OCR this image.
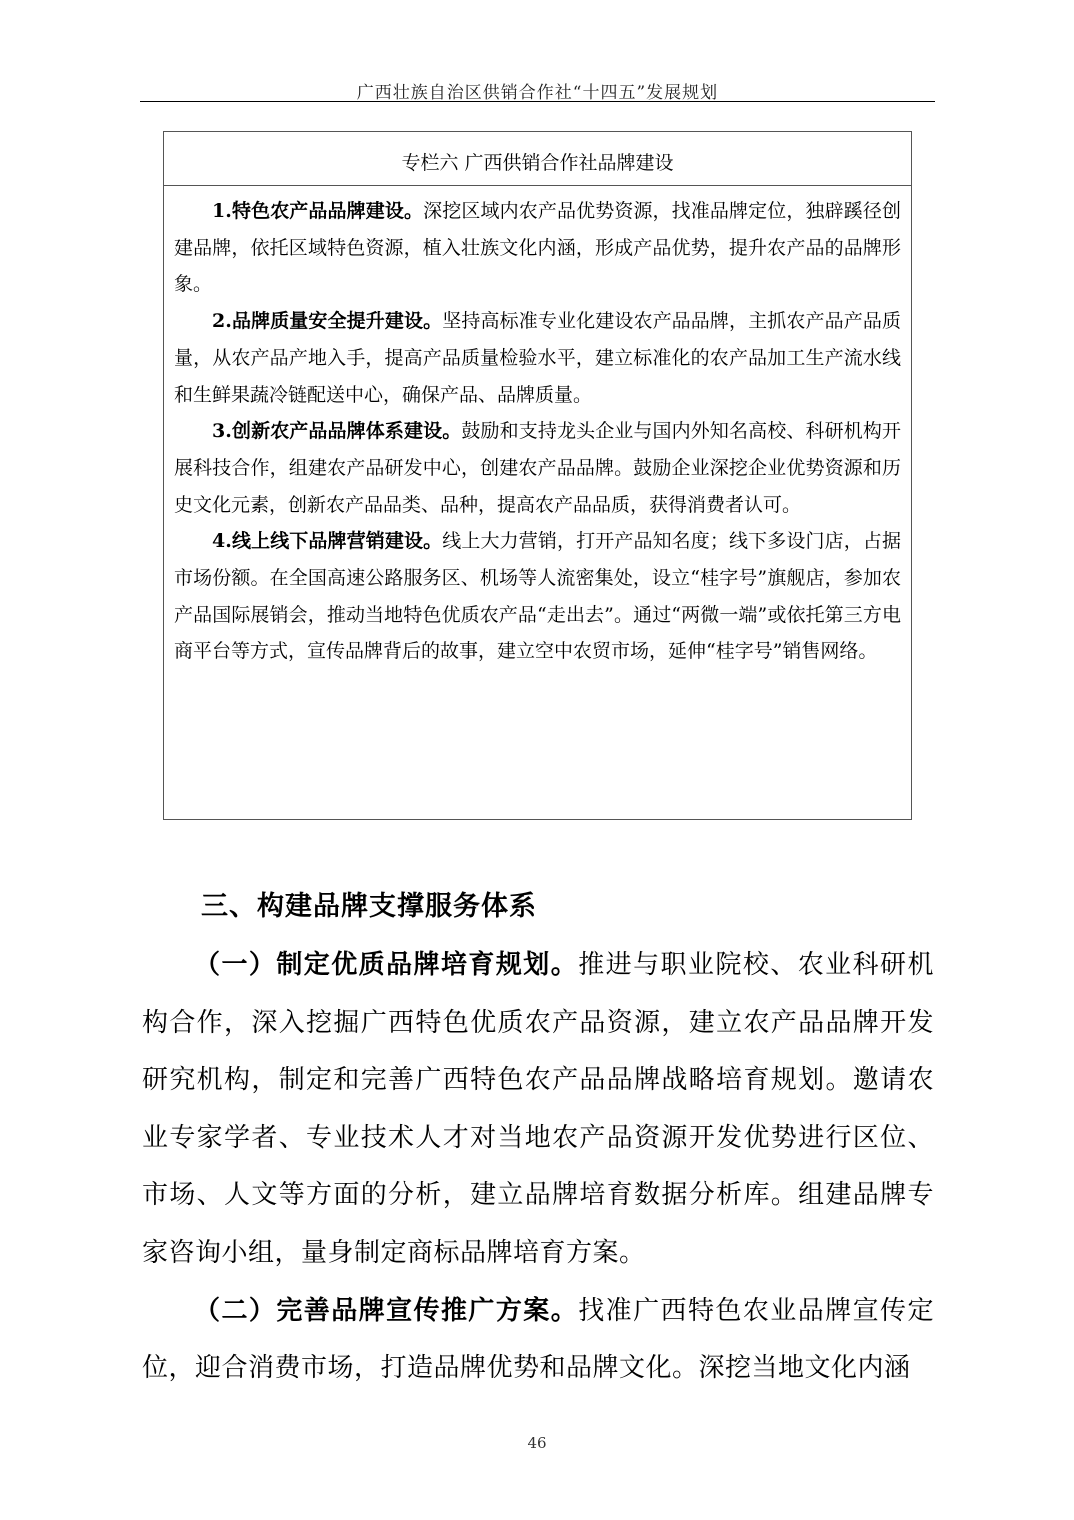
广西壮族自治区供销合作社“十四五”发展规划
专栏六 广西供销合作社品牌建设

1.特色农产品品牌建设。深挖区域内农产品优势资源，找准品牌定位，独辟蹊径创建品牌，依托区域特色资源，植入壮族文化内涵，形成产品优势，提升农产品的品牌形象。

2.品牌质量安全提升建设。坚持高标准专业化建设农产品品牌，主抓农产品产品质量，从农产品产地入手，提高产品质量检验水平，建立标准化的农产品加工生产流水线和生鲜果蔬冷链配送中心，确保产品、品牌质量。

3.创新农产品品牌体系建设。鼓励和支持龙头企业与国内外知名高校、科研机构开展科技合作，组建农产品研发中心，创建农产品品牌。鼓励企业深挖企业优势资源和历史文化元素，创新农产品品类、品种，提高农产品品质，获得消费者认可。

4.线上线下品牌营销建设。线上大力营销，打开产品知名度；线下多设门店，占据市场份额。在全国高速公路服务区、机场等人流密集处，设立“桂字号”旗舰店，参加农产品国际展销会，推动当地特色优质农产品“走出去”。通过“两微一端”或依托第三方电商平台等方式，宣传品牌背后的故事，建立空中农贸市场，延伸“桂字号”销售网络。

三、构建品牌支撑服务体系

（一）制定优质品牌培育规划。推进与职业院校、农业科研机构合作，深入挖掘广西特色优质农产品资源，建立农产品品牌开发研究机构，制定和完善广西特色农产品品牌战略培育规划。邀请农业专家学者、专业技术人才对当地农产品资源开发优势进行区位、市场、人文等方面的分析，建立品牌培育数据分析库。组建品牌专家咨询小组，量身制定商标品牌培育方案。

（二）完善品牌宣传推广方案。找准广西特色农业品牌宣传定位，迎合消费市场，打造品牌优势和品牌文化。深挖当地文化内涵

46
